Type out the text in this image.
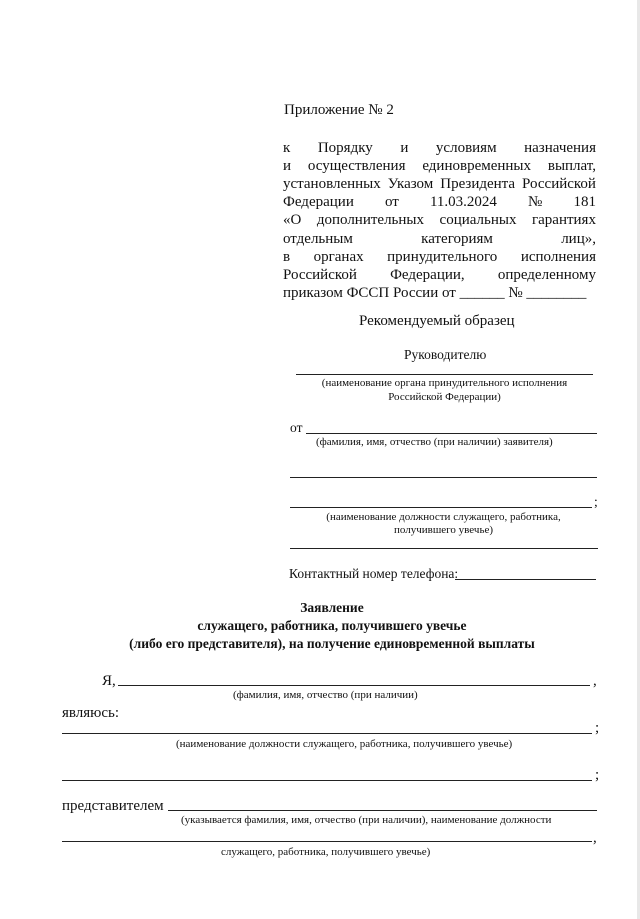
Приложение № 2
к Порядку и условиям назначения
и осуществления единовременных выплат,
установленных Указом Президента Российской
Федерации от 11.03.2024 № 181
«О дополнительных социальных гарантиях
отдельным	категориям	лиц»,
в органах принудительного исполнения
Российской Федерации, определенному
приказом ФССП России от ______ № ________
Рекомендуемый образец
Руководителю
(наименование органа принудительного исполнения
Российской Федерации)
от
(фамилия, имя, отчество (при наличии) заявителя)
;
(наименование должности служащего, работника,
получившего увечье)
Контактный номер телефона:
Заявление
служащего, работника, получившего увечье
(либо его представителя), на получение единовременной выплаты
Я,	,
(фамилия, имя, отчество (при наличии)
являюсь:
;
(наименование должности служащего, работника, получившего увечье)
;
представителем
(указывается фамилия, имя, отчество (при наличии), наименование должности
,
служащего, работника, получившего увечье)
